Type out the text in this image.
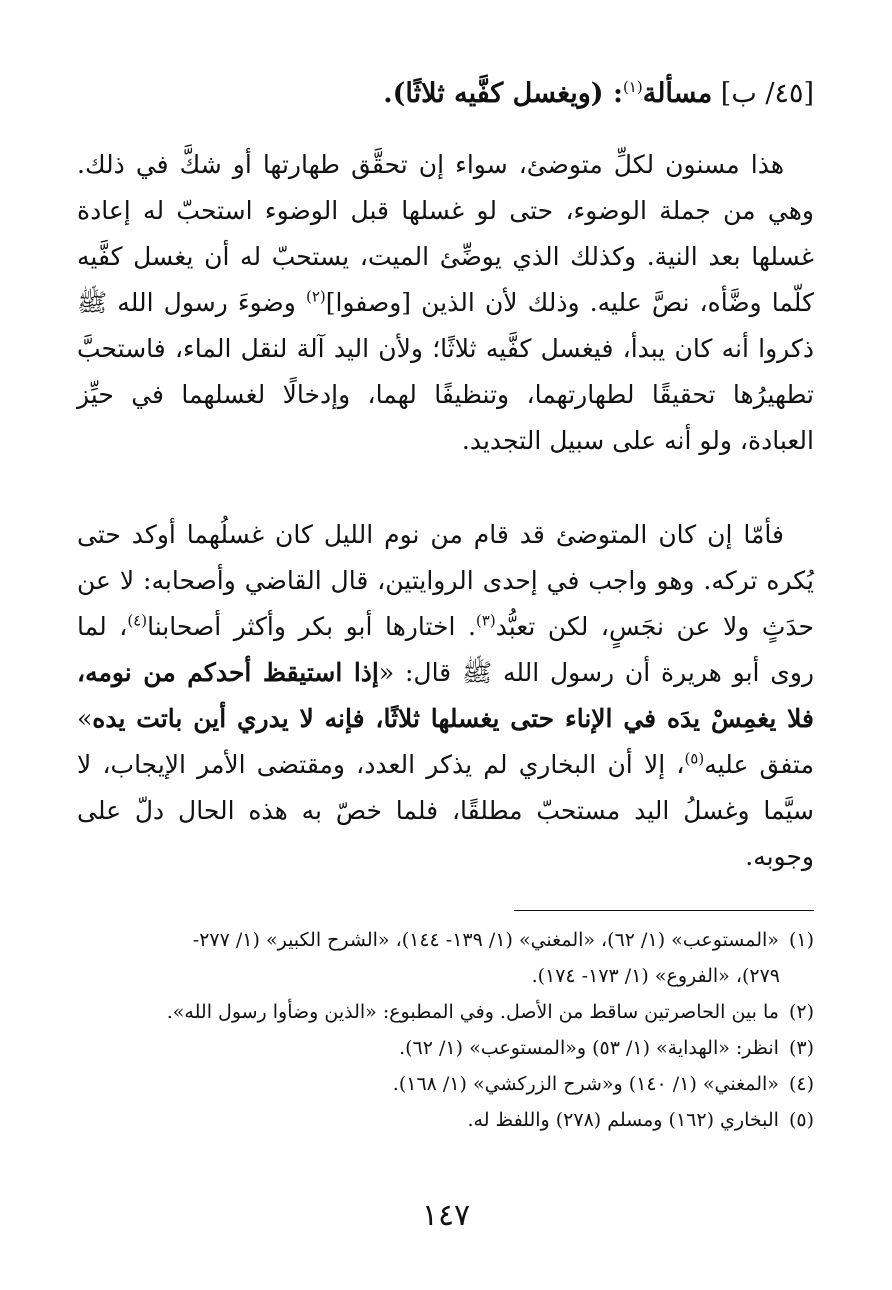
[٤٥/ ب] مسألة$^{(١)}$: (ويغسل كفَّيه ثلاثًا).
هذا مسنون لكلِّ متوضئ، سواء إن تحقَّق طهارتها أو شكَّ في ذلك. وهي من جملة الوضوء، حتى لو غسلها قبل الوضوء استحبّ له إعادة غسلها بعد النية. وكذلك الذي يوضِّئ الميت، يستحبّ له أن يغسل كفَّيه كلّما وضَّأه، نصَّ عليه. وذلك لأن الذين [وصفوا]$^{(٢)}$ وضوءَ رسول الله ﷺ ذكروا أنه كان يبدأ، فيغسل كفَّيه ثلاثًا؛ ولأن اليد آلة لنقل الماء، فاستحبَّ تطهيرُها تحقيقًا لطهارتهما، وتنظيفًا لهما، وإدخالًا لغسلهما في حيِّز العبادة، ولو أنه على سبيل التجديد.
فأمّا إن كان المتوضئ قد قام من نوم الليل كان غسلُهما أوكد حتى يُكره تركه. وهو واجب في إحدى الروايتين، قال القاضي وأصحابه: لا عن حدَثٍ ولا عن نجَسٍ، لكن تعبُّد$^{(٣)}$. اختارها أبو بكر وأكثر أصحابنا$^{(٤)}$، لما روى أبو هريرة أن رسول الله ﷺ قال: «إذا استيقظ أحدكم من نومه، فلا يغمِسْ يدَه في الإناء حتى يغسلها ثلاثًا، فإنه لا يدري أين باتت يده» متفق عليه$^{(٥)}$، إلا أن البخاري لم يذكر العدد، ومقتضى الأمر الإيجاب، لا سيَّما وغسلُ اليد مستحبّ مطلقًا، فلما خصّ به هذه الحال دلّ على وجوبه.

(١)«المستوعب» (١/ ٦٢)، «المغني» (١/ ١٣٩- ١٤٤)، «الشرح الكبير» (١/ ٢٧٧-
٢٧٩)، «الفروع» (١/ ١٧٣- ١٧٤).

(٢)ما بين الحاصرتين ساقط من الأصل. وفي المطبوع: «الذين وضأوا رسول الله».

(٣)انظر: «الهداية» (١/ ٥٣) و«المستوعب» (١/ ٦٢).

(٤)«المغني» (١/ ١٤٠) و«شرح الزركشي» (١/ ١٦٨).

(٥)البخاري (١٦٢) ومسلم (٢٧٨) واللفظ له.

١٤٧
